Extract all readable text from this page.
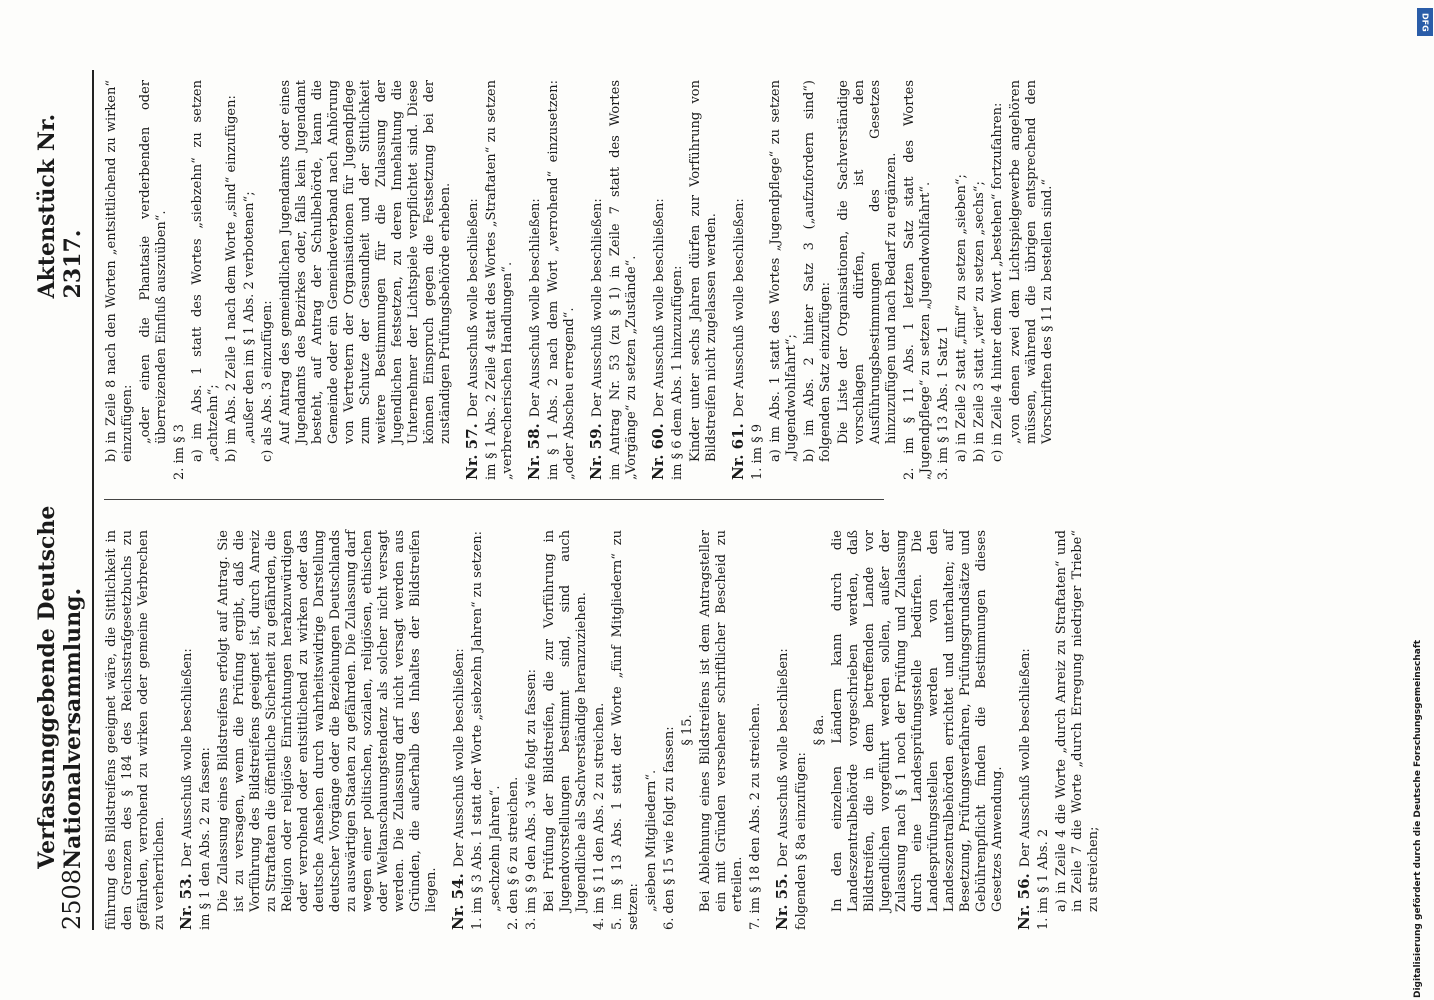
2508
Verfassunggebende Deutsche Nationalversammlung.
Aktenstück Nr. 2317.

führung des Bildstreifens geeignet wäre, die Sittlichkeit in den Grenzen des § 184 des Reichsstrafgesetzbuchs zu gefährden, verrohend zu wirken oder gemeine Verbrechen zu verherrlichen. Nr. 53.Der Ausschuß wolle beschließen: im § 1 den Abs. 2 zu fassen: Die Zulassung eines Bildstreifens erfolgt auf Antrag. Sie ist zu versagen, wenn die Prüfung ergibt, daß die Vorführung des Bildstreifens geeignet ist, durch Anreiz zu Straftaten die öffentliche Sicherheit zu gefährden, die Religion oder religiöse Einrichtungen herabzuwürdigen oder verrohend oder entsittlichend zu wirken oder das deutsche Ansehen durch wahrheitswidrige Darstellung deutscher Vorgänge oder die Beziehungen Deutschlands zu auswärtigen Staaten zu gefährden. Die Zulassung darf wegen einer politischen, sozialen, religiösen, ethischen oder Weltanschauungstendenz als solcher nicht versagt werden. Die Zulassung darf nicht versagt werden aus Gründen, die außerhalb des Inhaltes der Bildstreifen liegen. Nr. 54.Der Ausschuß wolle beschließen: 1. im § 3 Abs. 1 statt der Worte „siebzehn Jahren“ zu setzen: „sechzehn Jahren“. 2. den § 6 zu streichen. 3. im § 9 den Abs. 3 wie folgt zu fassen: Bei Prüfung der Bildstreifen, die zur Vorführung in Jugendvorstellungen bestimmt sind, sind auch Jugendliche als Sachverständige heranzuziehen. 4. im § 11 den Abs. 2 zu streichen. 5. im § 13 Abs. 1 statt der Worte „fünf Mitgliedern“ zu setzen: „sieben Mitgliedern“. 6. den § 15 wie folgt zu fassen: § 15. Bei Ablehnung eines Bildstreifens ist dem Antragsteller ein mit Gründen versehener schriftlicher Bescheid zu erteilen. 7. im § 18 den Abs. 2 zu streichen. Nr. 55.Der Ausschuß wolle beschließen: folgenden § 8a einzufügen:

§ 8a. In den einzelnen Ländern kann durch die Landeszentralbehörde vorgeschrieben werden, daß Bildstreifen, die in dem betreffenden Lande vor Jugendlichen vorgeführt werden sollen, außer der Zulassung nach § 1 noch der Prüfung und Zulassung durch eine Landesprüfungsstelle bedürfen. Die Landesprüfungsstellen werden von den Landeszentralbehörden errichtet und unterhalten; auf Besetzung, Prüfungsverfahren, Prüfungsgrundsätze und Gebührenpflicht finden die Bestimmungen dieses Gesetzes Anwendung. Nr. 56.Der Ausschuß wolle beschließen:

1. im § 1 Abs. 2 a) in Zeile 4 die Worte „durch Anreiz zu Straftaten“ und in Zeile 7 die Worte „durch Erregung niedriger Triebe“ zu streichen;

b) in Zeile 8 nach den Worten „entsittlichend zu wirken“ einzufügen: „oder einen die Phantasie verderbenden oder überreizenden Einfluß auszuüben“.

2. im § 3 a) im Abs. 1 statt des Wortes „siebzehn“ zu setzen „achtzehn“; b) im Abs. 2 Zeile 1 nach dem Worte „sind“ einzufügen: „außer den im § 1 Abs. 2 verbotenen“; c) als Abs. 3 einzufügen: Auf Antrag des gemeindlichen Jugendamts oder eines Jugendamts des Bezirkes oder, falls kein Jugendamt besteht, auf Antrag der Schulbehörde, kann die Gemeinde oder ein Gemeindeverband nach Anhörung von Vertretern der Organisationen für Jugendpflege zum Schutze der Gesundheit und der Sittlichkeit weitere Bestimmungen für die Zulassung der Jugendlichen festsetzen, zu deren Innehaltung die Unternehmer der Lichtspiele verpflichtet sind. Diese können Einspruch gegen die Festsetzung bei der zuständigen Prüfungsbehörde erheben.

Nr. 57.Der Ausschuß wolle beschließen: im § 1 Abs. 2 Zeile 4 statt des Wortes „Straftaten“ zu setzen „verbrecherischen Handlungen“. Nr. 58.Der Ausschuß wolle beschließen: im § 1 Abs. 2 nach dem Wort „verrohend“ einzusetzen: „oder Abscheu erregend“. Nr. 59.Der Ausschuß wolle beschließen: im Antrag Nr. 53 (zu § 1) in Zeile 7 statt des Wortes „Vorgänge“ zu setzen „Zustände“. Nr. 60.Der Ausschuß wolle beschließen: im § 6 dem Abs. 1 hinzuzufügen: Kinder unter sechs Jahren dürfen zur Vorführung von Bildstreifen nicht zugelassen werden. Nr. 61.Der Ausschuß wolle beschließen:

1. im § 9 a) im Abs. 1 statt des Wortes „Jugendpflege“ zu setzen „Jugendwohlfahrt“; b) im Abs. 2 hinter Satz 3 („aufzufordern sind“) folgenden Satz einzufügen: Die Liste der Organisationen, die Sachverständige vorschlagen dürfen, ist den Ausführungsbestimmungen des Gesetzes hinzuzufügen und nach Bedarf zu ergänzen. 2. im § 11 Abs. 1 letzten Satz statt des Wortes „Jugendpflege“ zu setzen „Jugendwohlfahrt“. 3. im § 13 Abs. 1 Satz 1 a) in Zeile 2 statt „fünf“ zu setzen „sieben“; b) in Zeile 3 statt „vier“ zu setzen „sechs“; c) in Zeile 4 hinter dem Wort „bestehen“ fortzufahren: „von denen zwei dem Lichtspielgewerbe angehören müssen, während die übrigen entsprechend den Vorschriften des § 11 zu bestellen sind.“

Digitalisierung gefördert durch die Deutsche Forschungsgemeinschaft
DFG
